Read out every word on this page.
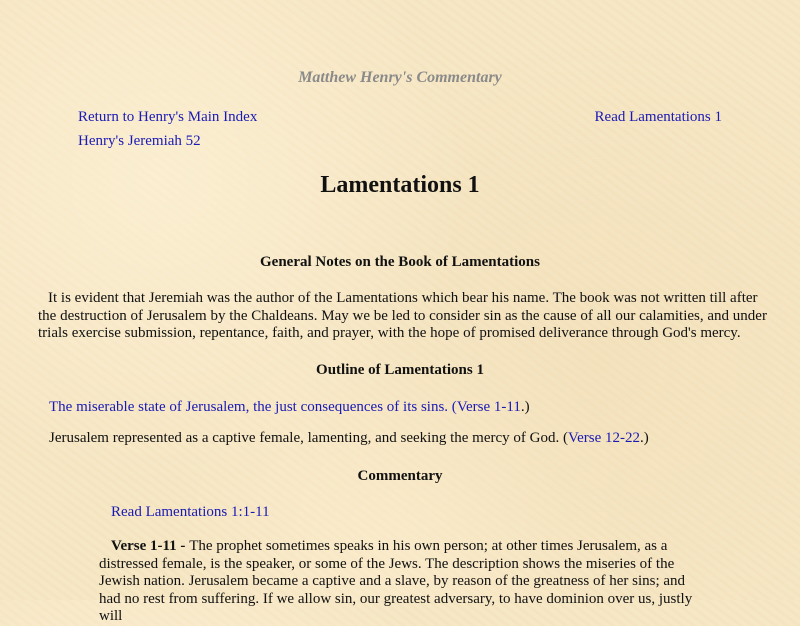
Matthew Henry's Commentary
Return to Henry's Main Index	Read Lamentations 1
Henry's Jeremiah 52
Lamentations 1
General Notes on the Book of Lamentations
It is evident that Jeremiah was the author of the Lamentations which bear his name. The book was not written till after the destruction of Jerusalem by the Chaldeans. May we be led to consider sin as the cause of all our calamities, and under trials exercise submission, repentance, faith, and prayer, with the hope of promised deliverance through God's mercy.
Outline of Lamentations 1
The miserable state of Jerusalem, the just consequences of its sins. (Verse 1-11.)
Jerusalem represented as a captive female, lamenting, and seeking the mercy of God. (Verse 12-22.)
Commentary
Read Lamentations 1:1-11
Verse 1-11 - The prophet sometimes speaks in his own person; at other times Jerusalem, as a distressed female, is the speaker, or some of the Jews. The description shows the miseries of the Jewish nation. Jerusalem became a captive and a slave, by reason of the greatness of her sins; and had no rest from suffering. If we allow sin, our greatest adversary, to have dominion over us, justly will
